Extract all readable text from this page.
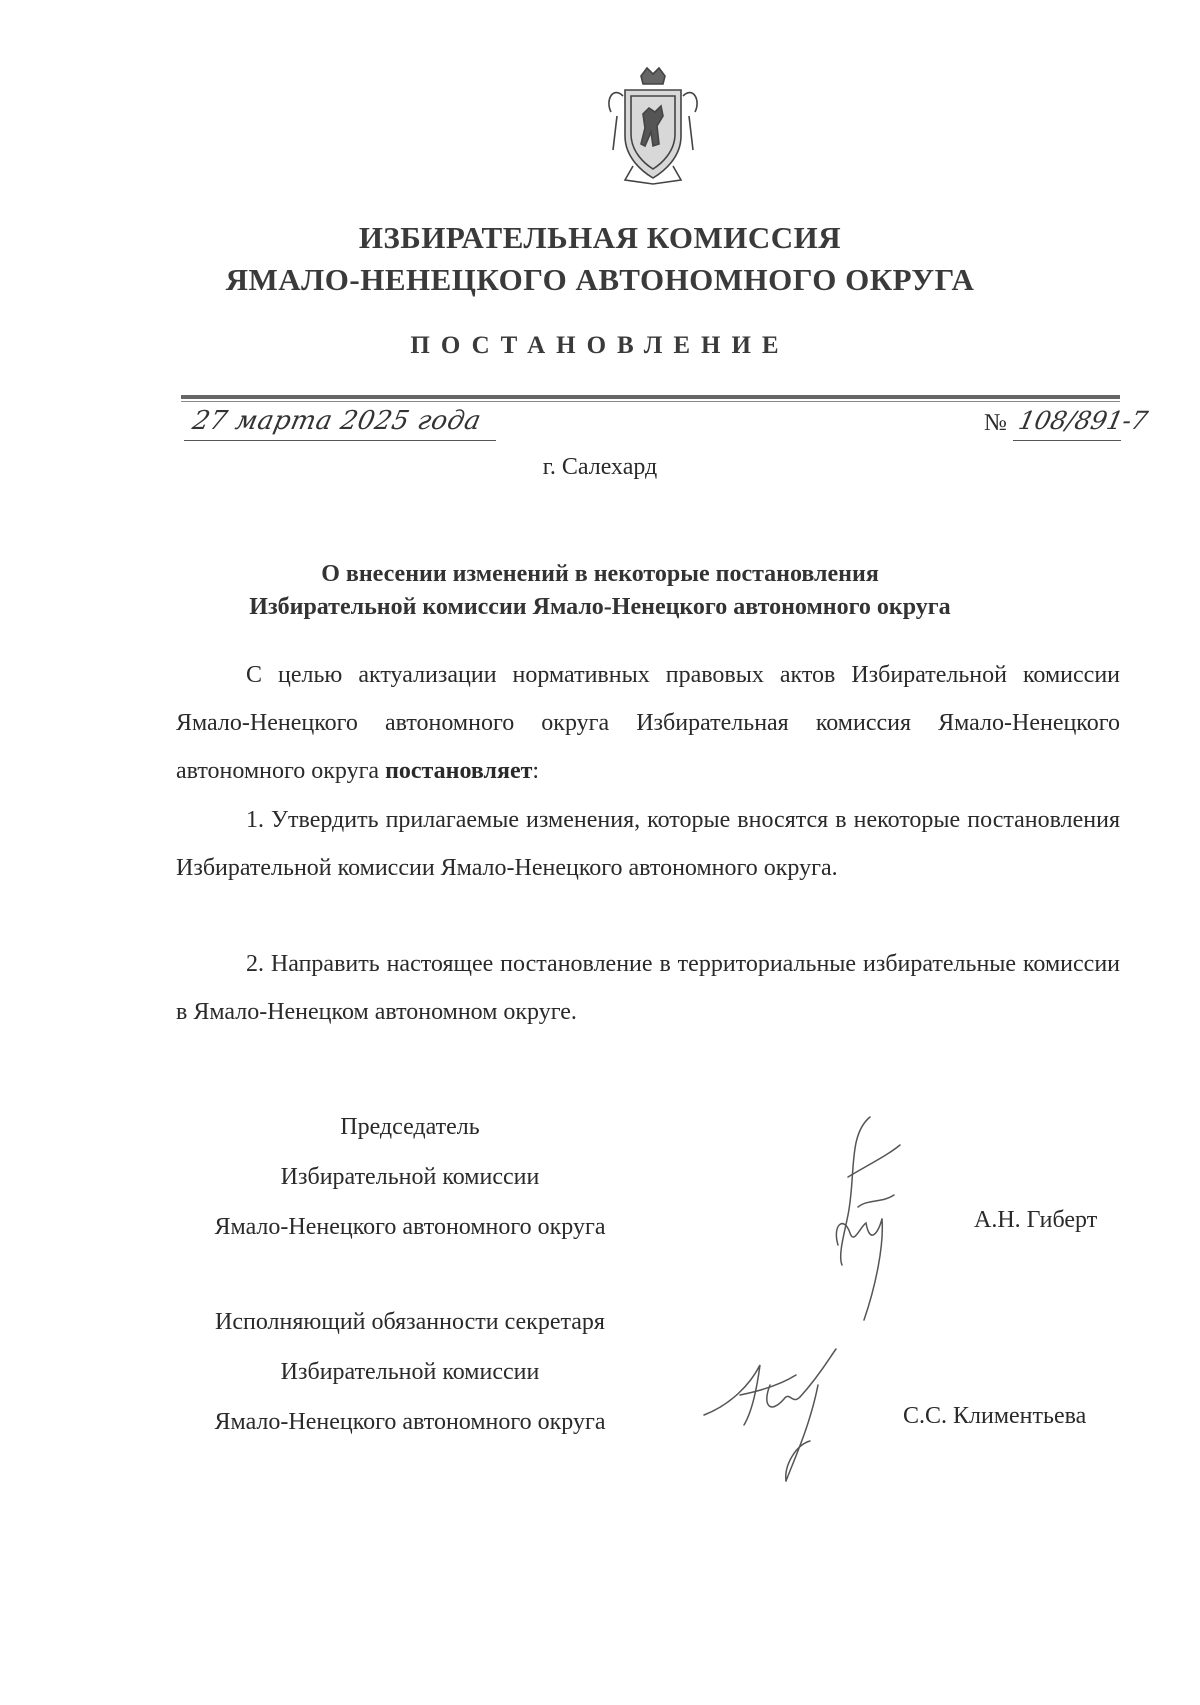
ИЗБИРАТЕЛЬНАЯ КОМИССИЯ
ЯМАЛО-НЕНЕЦКОГО АВТОНОМНОГО ОКРУГА
ПОСТАНОВЛЕНИЕ
27 марта 2025 года	№ 108/891-7
г. Салехард
О внесении изменений в некоторые постановления
Избирательной комиссии Ямало-Ненецкого автономного округа

С целью актуализации нормативных правовых актов Избирательной комиссии Ямало-Ненецкого автономного округа Избирательная комиссия Ямало-Ненецкого автономного округа постановляет:

1. Утвердить прилагаемые изменения, которые вносятся в некоторые постановления Избирательной комиссии Ямало-Ненецкого автономного округа.

2. Направить настоящее постановление в территориальные избирательные комиссии в Ямало-Ненецком автономном округе.

Председатель
Избирательной комиссии
Ямало-Ненецкого автономного округа	А.Н. Гиберт
Исполняющий обязанности секретаря
Избирательной комиссии
Ямало-Ненецкого автономного округа	С.С. Климентьева
